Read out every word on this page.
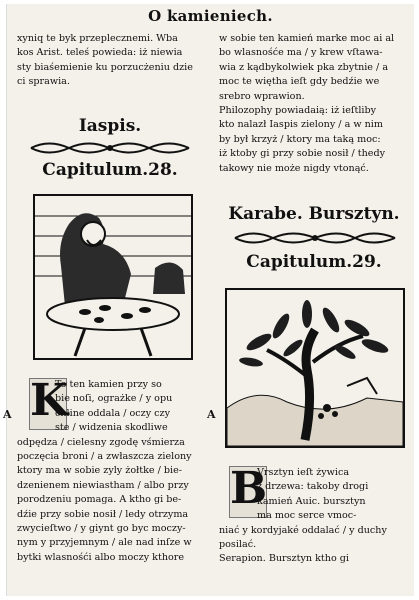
O kamieniech.

xyniq te byk przeplecznemi. Wba

kos Arist. teleś powieda: iż niewia

sty biaśemienie ku porzucżeniu dzie

ci sprawia.

Iaspis.
Capitulum.28.
K

To ten kamien przy so

bie noſi, ograżke / y opu

chline oddala / oczy czy

ste / widzenia skodliwe

odpędza / cielesny zgodę vśmierza

poczęcia broni / a zwłaszcza zielony

ktory ma w sobie zyly żołtke / bie-

dzenienem niewiastham / albo przy

porodzeniu pomaga. A ktho gi be-

dźie przy sobie nosił / ledy otrzyma

zwycieſtwo / y giynt go byc moczy-

nym y przyjemnym / ale nad inſze w

bytki wlasnośći albo moczy kthore

A	A

w sobie ten kamień marke moc ai al

bo wlasnośće ma / y krew vſtawa-

wia z kądbykolwiek pka zbytnie / a

moc te więtha ieſt gdy bedźie we

srebro wprawion.

Philozophy powiadaią: iż ieſtliby

kto nalazł Iaspis zielony / a w nim

by był krzyż / ktory ma taką moc:

iż ktoby gi przy sobie nosił / thedy

takowy nie może nigdy vtonąć.

Karabe. Bursztyn.
Capitulum.29.
B

Vrsztyn ieſt żywica

z drzewa: takoby drogi

kamień Auic. bursztyn

ma moc serce vmoc-

niać y kordyjaké oddalać / y duchy

posilać.

Serapion. Bursztyn ktho gi
